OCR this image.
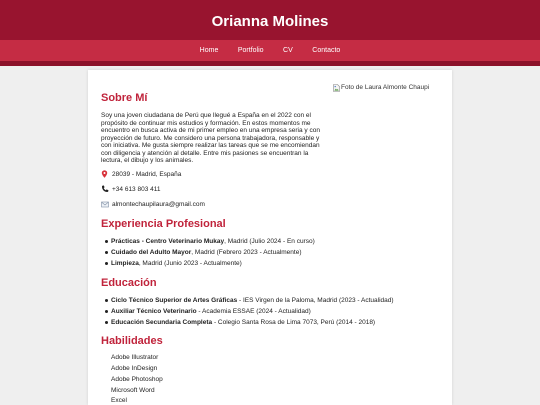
Orianna Molines
Home	Portfolio	CV	Contacto
Foto de Laura Almonte Chaupi
Sobre Mí
Soy una joven ciudadana de Perú que llegué a España en el 2022 con el
propósito de continuar mis estudios y formación. En estos momentos me
encuentro en busca activa de mi primer empleo en una empresa seria y con
proyección de futuro. Me considero una persona trabajadora, responsable y
con iniciativa. Me gusta siempre realizar las tareas que se me encomiendan
con diligencia y atención al detalle. Entre mis pasiones se encuentran la
lectura, el dibujo y los animales.
28039 - Madrid, España
+34 613 803 411
almontechaupilaura@gmail.com
Experiencia Profesional
Prácticas - Centro Veterinario Mukay, Madrid (Julio 2024 - En curso)
Cuidado del Adulto Mayor, Madrid (Febrero 2023 - Actualmente)
Limpieza, Madrid (Junio 2023 - Actualmente)
Educación
Ciclo Técnico Superior de Artes Gráficas - IES Virgen de la Paloma, Madrid (2023 - Actualidad)
Auxiliar Técnico Veterinario - Academia ESSAE (2024 - Actualidad)
Educación Secundaria Completa - Colegio Santa Rosa de Lima 7073, Perú (2014 - 2018)
Habilidades
Adobe Illustrator
Adobe InDesign
Adobe Photoshop
Microsoft Word
Excel
